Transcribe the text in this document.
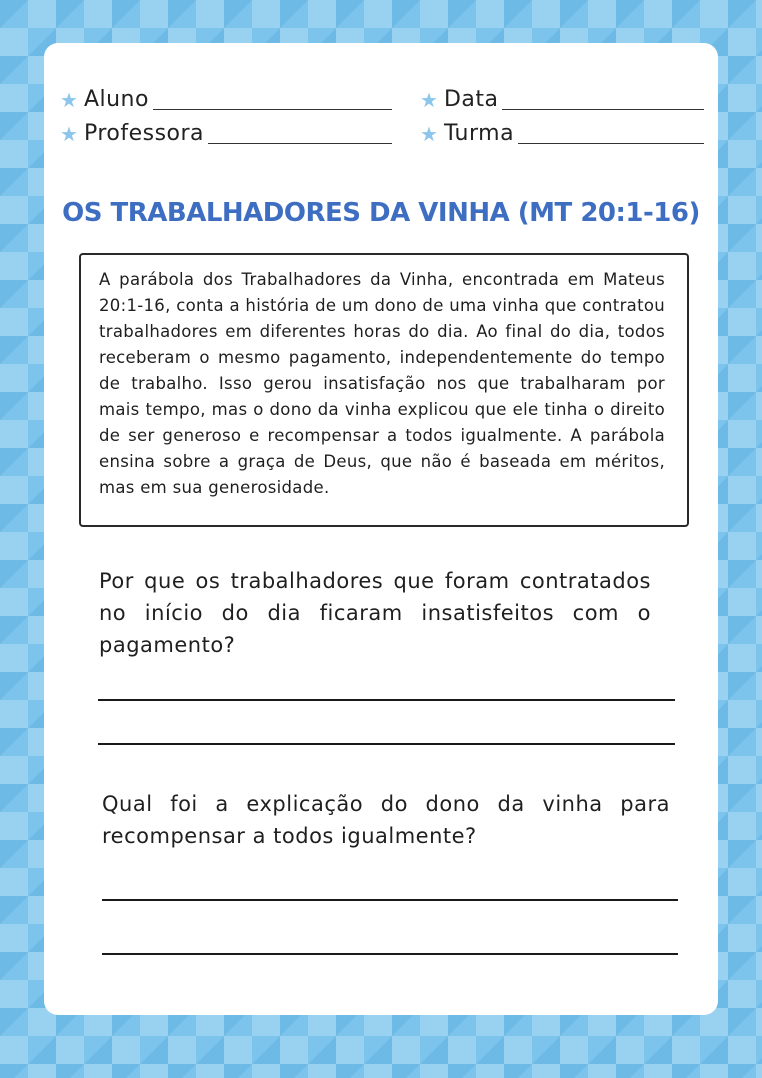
★ Aluno	★ Data
★ Professora	★ Turma
OS TRABALHADORES DA VINHA (MT 20:1-16)

A parábola dos Trabalhadores da Vinha, encontrada em Mateus 20:1-16, conta a história de um dono de uma vinha que contratou trabalhadores em diferentes horas do dia. Ao final do dia, todos receberam o mesmo pagamento, independentemente do tempo de trabalho. Isso gerou insatisfação nos que trabalharam por mais tempo, mas o dono da vinha explicou que ele tinha o direito de ser generoso e recompensar a todos igualmente. A parábola ensina sobre a graça de Deus, que não é baseada em méritos, mas em sua generosidade.

Por que os trabalhadores que foram contratados no início do dia ficaram insatisfeitos com o pagamento?

Qual foi a explicação do dono da vinha para recompensar a todos igualmente?
